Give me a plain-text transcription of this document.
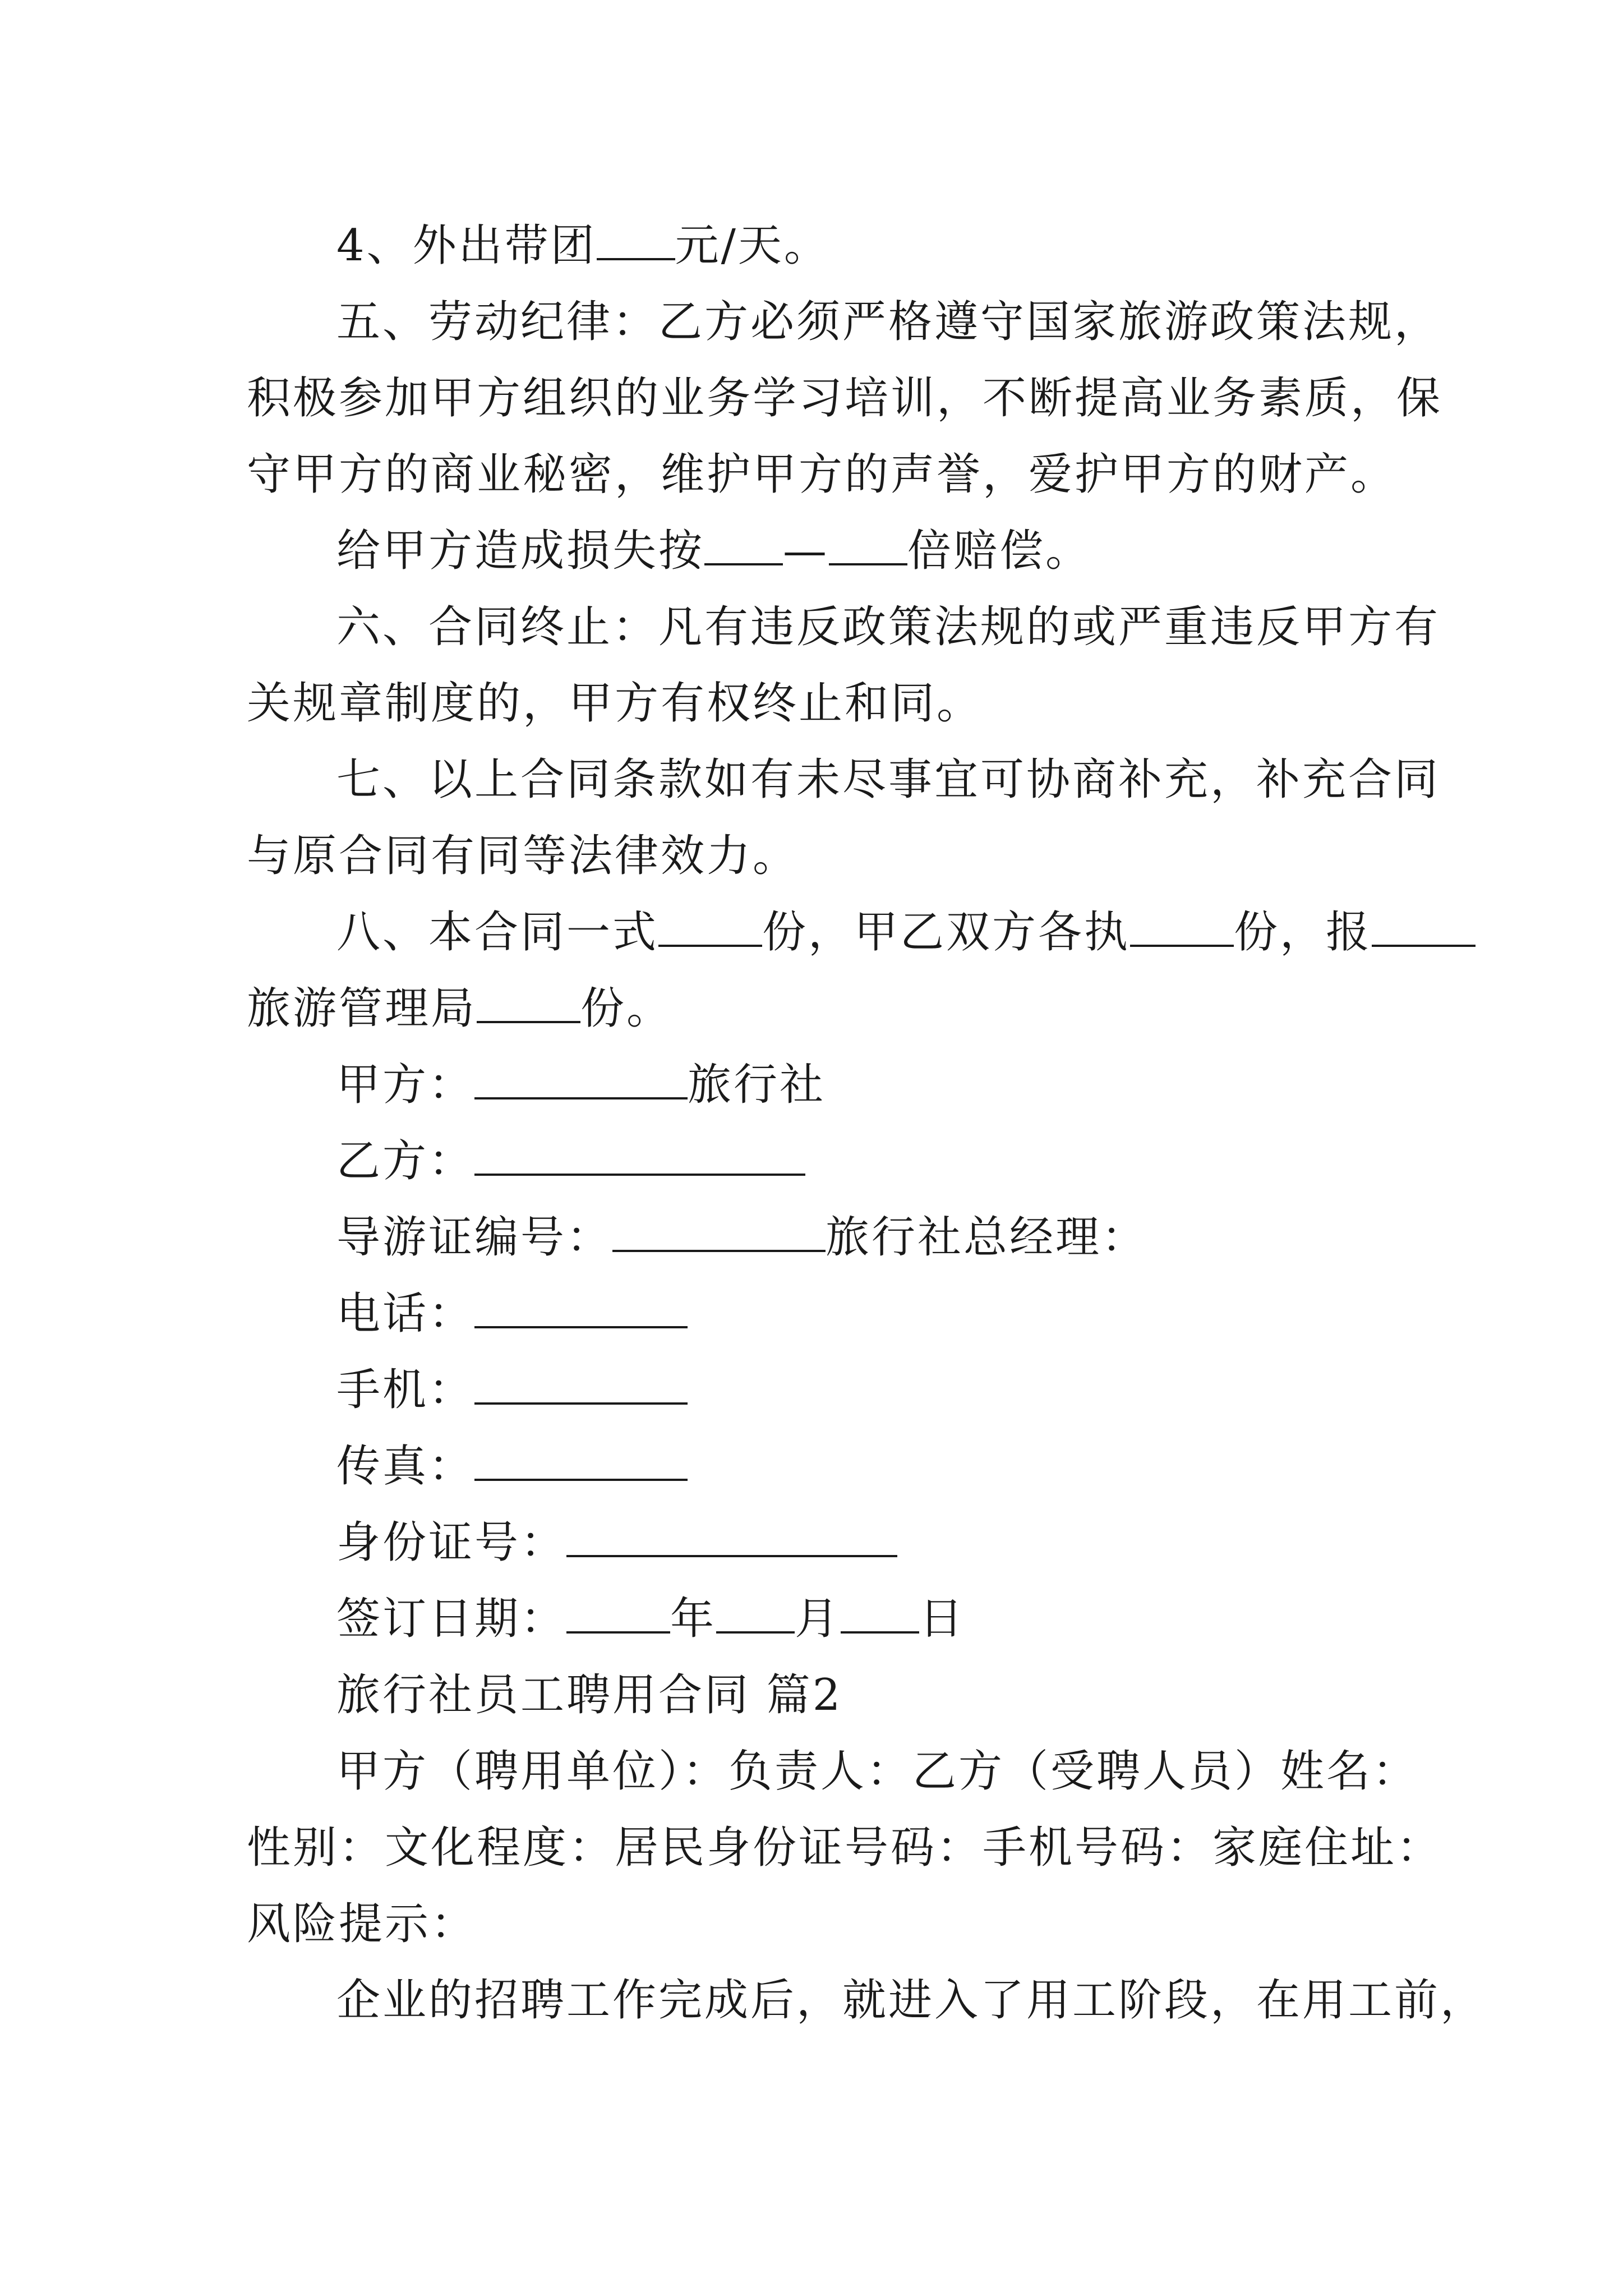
4、外出带团 元/天。
五、劳动纪律：乙方必须严格遵守国家旅游政策法规，
积极参加甲方组织的业务学习培训，不断提高业务素质，保
守甲方的商业秘密，维护甲方的声誉，爱护甲方的财产。
给甲方造成损失按 — 倍赔偿。
六、合同终止：凡有违反政策法规的或严重违反甲方有
关规章制度的，甲方有权终止和同。
七、以上合同条款如有未尽事宜可协商补充，补充合同
与原合同有同等法律效力。
八、本合同一式 份，甲乙双方各执 份，报
旅游管理局 份。
甲方：	旅行社
乙方：
导游证编号：	旅行社总经理：
电话：
手机：
传真：
身份证号：
签订日期： 年 月 日
旅行社员工聘用合同 篇2
甲方（聘用单位）：负责人：乙方（受聘人员）姓名：
性别：文化程度：居民身份证号码：手机号码：家庭住址：
风险提示：
企业的招聘工作完成后，就进入了用工阶段，在用工前，
